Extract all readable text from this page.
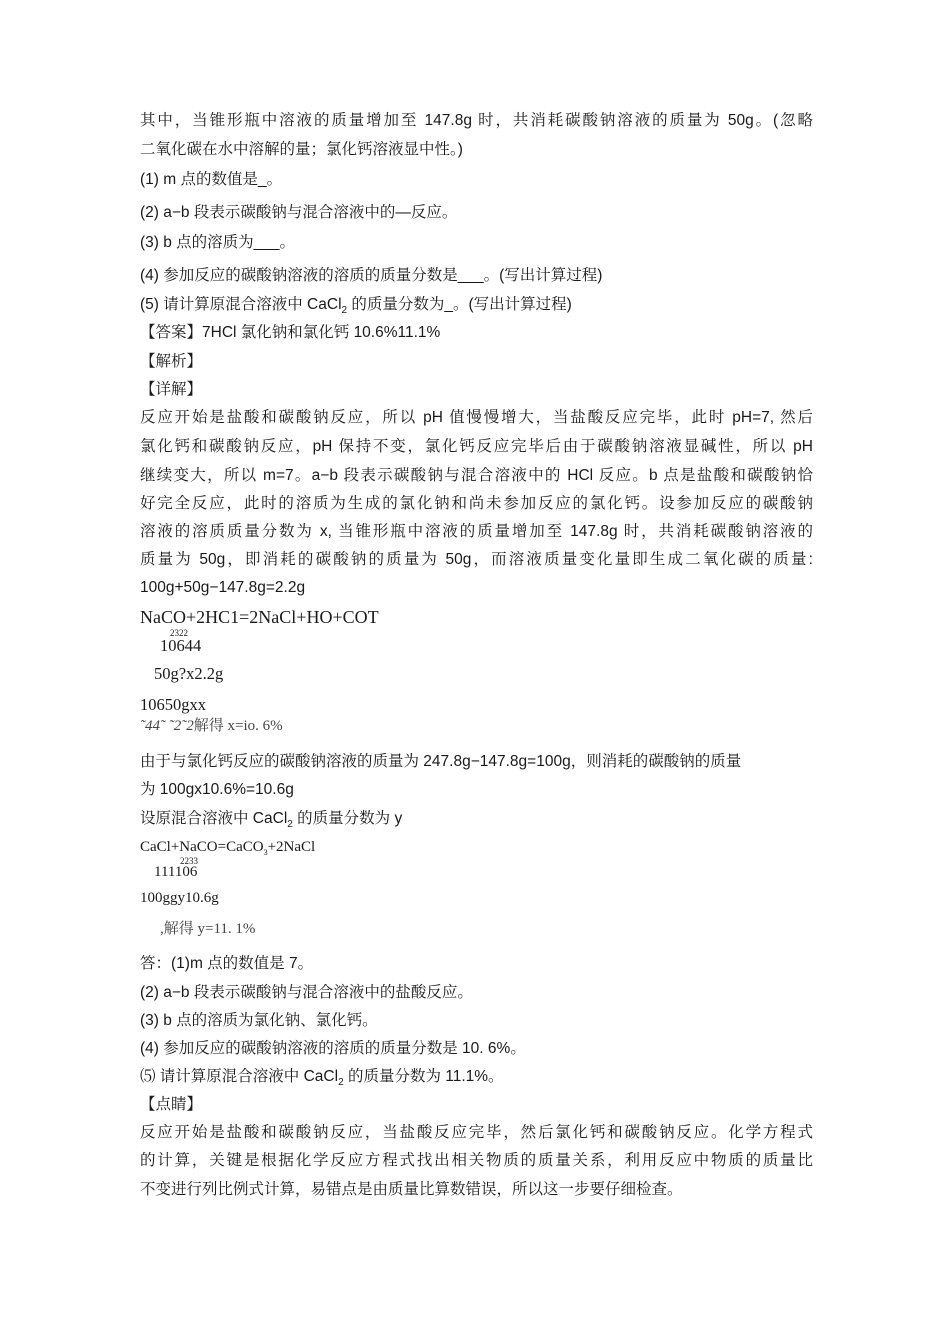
其中，当锥形瓶中溶液的质量增加至 147.8g 时，共消耗碳酸钠溶液的质量为 50g。(忽略
二氧化碳在水中溶解的量；氯化钙溶液显中性。)
(1) m 点的数值是_。
(2) a−b 段表示碳酸钠与混合溶液中的—反应。
(3) b 点的溶质为___。
(4) 参加反应的碳酸钠溶液的溶质的质量分数是___。(写出计算过程)
(5) 请计算原混合溶液中 CaCl$_2$ 的质量分数为_。(写出计算过程)
【答案】7HCl 氯化钠和氯化钙 10.6%11.1%
【解析】
【详解】
反应开始是盐酸和碳酸钠反应，所以 pH 值慢慢增大，当盐酸反应完毕，此时 pH=7, 然后
氯化钙和碳酸钠反应，pH 保持不变，氯化钙反应完毕后由于碳酸钠溶液显碱性，所以 pH
继续变大，所以 m=7。a−b 段表示碳酸钠与混合溶液中的 HCl 反应。b 点是盐酸和碳酸钠恰
好完全反应，此时的溶质为生成的氯化钠和尚未参加反应的氯化钙。设参加反应的碳酸钠
溶液的溶质质量分数为 x, 当锥形瓶中溶液的质量增加至 147.8g 时，共消耗碳酸钠溶液的
质量为 50g，即消耗的碳酸钠的质量为 50g，而溶液质量变化量即生成二氧化碳的质量:
100g+50g−147.8g=2.2g
NaCO+2HC1=2NaCl+HO+COT
2322
10644
50g?x2.2g
10650gxx
˜44˜ ˜2˜2解得 x=io. 6%
由于与氯化钙反应的碳酸钠溶液的质量为 247.8g−147.8g=100g，则消耗的碳酸钠的质量
为 100gx10.6%=10.6g
设原混合溶液中 CaCl$_2$ 的质量分数为 y
CaCl+NaCO=CaCO$_3$+2NaCl
2233
111106
100ggy10.6g
,解得 y=11. 1%
答：(1)m 点的数值是 7。
(2) a−b 段表示碳酸钠与混合溶液中的盐酸反应。
(3) b 点的溶质为氯化钠、氯化钙。
(4) 参加反应的碳酸钠溶液的溶质的质量分数是 10. 6%。
⑸ 请计算原混合溶液中 CaCl$_2$ 的质量分数为 11.1%。
【点睛】
反应开始是盐酸和碳酸钠反应，当盐酸反应完毕，然后氯化钙和碳酸钠反应。化学方程式
的计算，关键是根据化学反应方程式找出相关物质的质量关系，利用反应中物质的质量比
不变进行列比例式计算，易错点是由质量比算数错误，所以这一步要仔细检查。
